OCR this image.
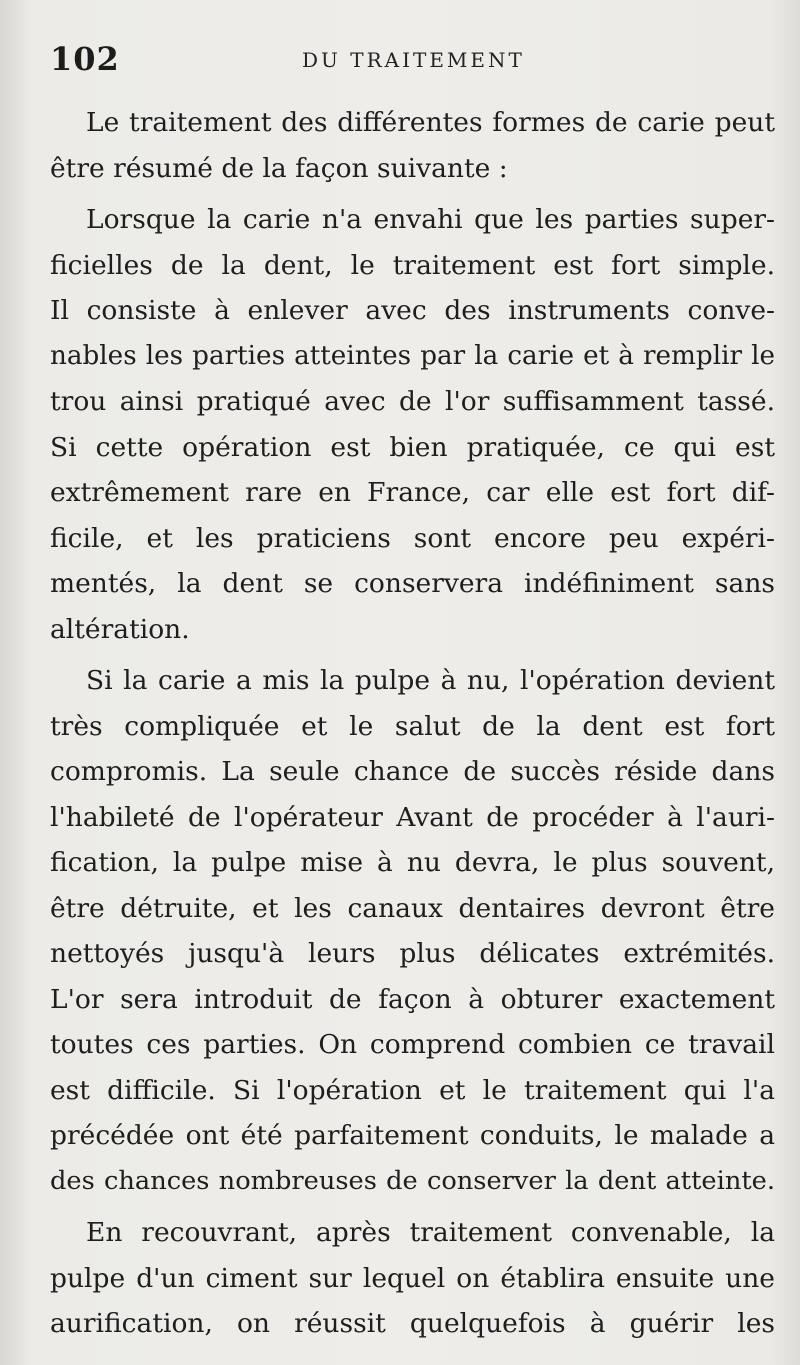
102	DU TRAITEMENT
Le traitement des différentes formes de carie peut
être résumé de la façon suivante :
Lorsque la carie n'a envahi que les parties super-
ficielles de la dent, le traitement est fort simple.
Il consiste à enlever avec des instruments conve-
nables les parties atteintes par la carie et à remplir le
trou ainsi pratiqué avec de l'or suffisamment tassé.
Si cette opération est bien pratiquée, ce qui est
extrêmement rare en France, car elle est fort dif-
ficile, et les praticiens sont encore peu expéri-
mentés, la dent se conservera indéfiniment sans
altération.
Si la carie a mis la pulpe à nu, l'opération devient
très compliquée et le salut de la dent est fort
compromis. La seule chance de succès réside dans
l'habileté de l'opérateur Avant de procéder à l'auri-
fication, la pulpe mise à nu devra, le plus souvent,
être détruite, et les canaux dentaires devront être
nettoyés jusqu'à leurs plus délicates extrémités.
L'or sera introduit de façon à obturer exactement
toutes ces parties. On comprend combien ce travail
est difficile. Si l'opération et le traitement qui l'a
précédée ont été parfaitement conduits, le malade a
des chances nombreuses de conserver la dent atteinte.
En recouvrant, après traitement convenable, la
pulpe d'un ciment sur lequel on établira ensuite une
aurification, on réussit quelquefois à guérir les
